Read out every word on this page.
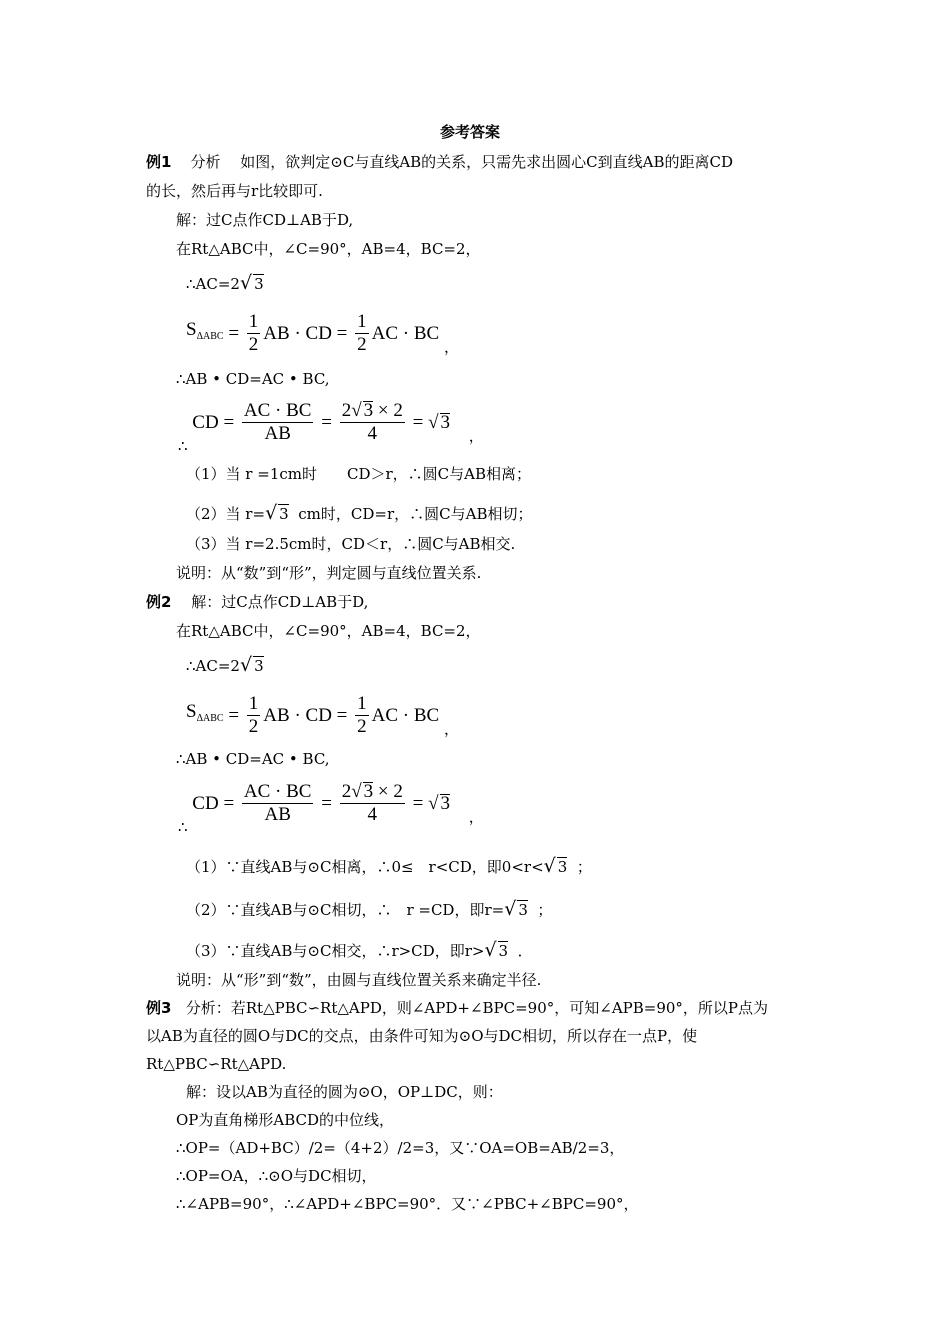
参考答案
例1 分析　 如图，欲判定⊙C与直线AB的关系，只需先求出圆心C到直线AB的距离CD
的长，然后再与r比较即可.
解：过C点作CD⊥AB于D,
在Rt△ABC中，∠C=90°，AB=4，BC=2，
∴AC=2√ 3
$S_{\Delta ABC} = \frac{1}{2}$ AB · CD = $\frac{1}{2}$ AC · BC ，
∴AB • CD=AC • BC,
∴ CD = $\frac{AC \cdot BC}{AB} = \frac{2√ 3 \times 2}{4}$ = √ 3 ，
（1）当 r =1cm时　　CD＞r，∴圆C与AB相离；
（2）当 r=√ 3 cm时，CD=r，∴圆C与AB相切；
（3）当 r=2.5cm时，CD＜r，∴圆C与AB相交.
说明：从“数”到“形”，判定圆与直线位置关系.
例2 　解：过C点作CD⊥AB于D,
在Rt△ABC中，∠C=90°，AB=4，BC=2，
∴AC=2√ 3
$S_{\Delta ABC} = \frac{1}{2}$ AB · CD = $\frac{1}{2}$ AC · BC ，
∴AB • CD=AC • BC,
∴ CD = $\frac{AC \cdot BC}{AB} = \frac{2√ 3 \times 2}{4}$ = √ 3 ，
（1）∵直线AB与⊙C相离，∴0≤　r<CD，即0<r<√ 3 ；
（2）∵直线AB与⊙C相切，∴　r =CD，即r=√ 3 ；
（3）∵直线AB与⊙C相交，∴r>CD，即r>√ 3 ．
说明：从“形”到“数”，由圆与直线位置关系来确定半径.
例3 分析：若Rt△PBC∽Rt△APD，则∠APD+∠BPC=90°，可知∠APB=90°，所以P点为
以AB为直径的圆O与DC的交点，由条件可知为⊙O与DC相切，所以存在一点P，使
Rt△PBC∽Rt△APD.
解：设以AB为直径的圆为⊙O，OP⊥DC，则：
OP为直角梯形ABCD的中位线，
∴OP=（AD+BC）/2=（4+2）/2=3，又∵OA=OB=AB/2=3，
∴OP=OA，∴⊙O与DC相切，
∴∠APB=90°，∴∠APD+∠BPC=90°．又∵∠PBC+∠BPC=90°，
